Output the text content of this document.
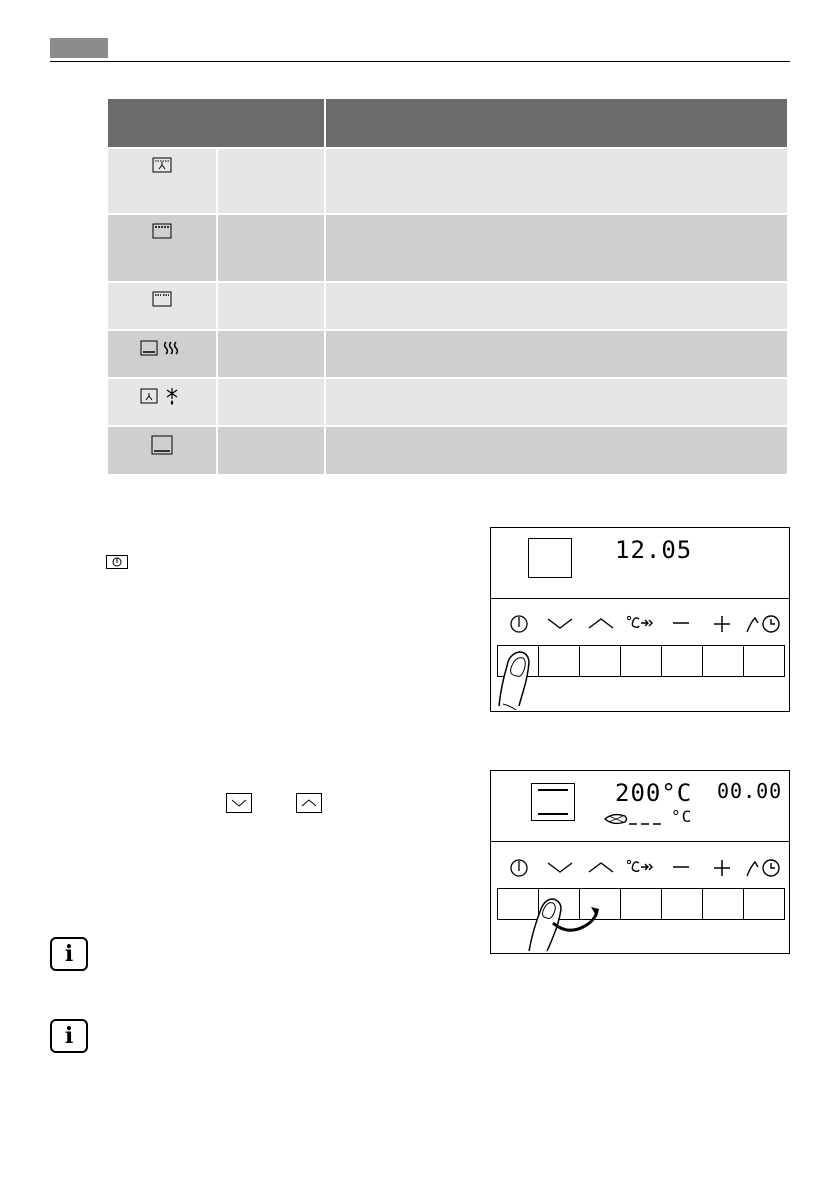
12.05
200°C 00.00
°C
i
i
